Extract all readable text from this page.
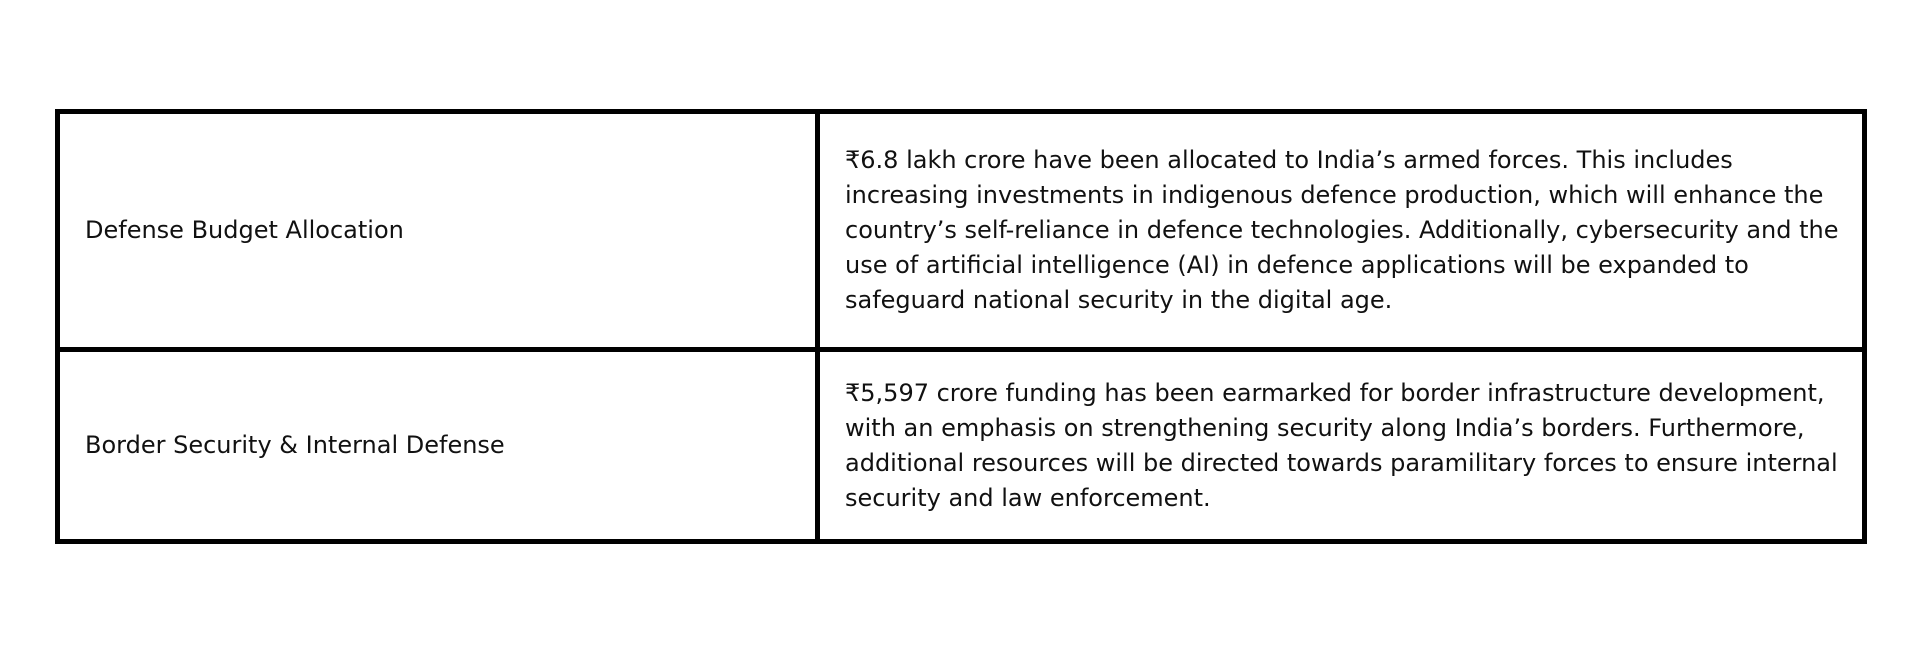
Defense Budget Allocation	₹6.8 lakh crore have been allocated to India’s armed forces. This includes increasing investments in indigenous defence production, which will enhance the country’s self-reliance in defence technologies. Additionally, cybersecurity and the use of artificial intelligence (AI) in defence applications will be expanded to safeguard national security in the digital age.
Border Security & Internal Defense	₹5,597 crore funding has been earmarked for border infrastructure development, with an emphasis on strengthening security along India’s borders. Furthermore, additional resources will be directed towards paramilitary forces to ensure internal security and law enforcement.
